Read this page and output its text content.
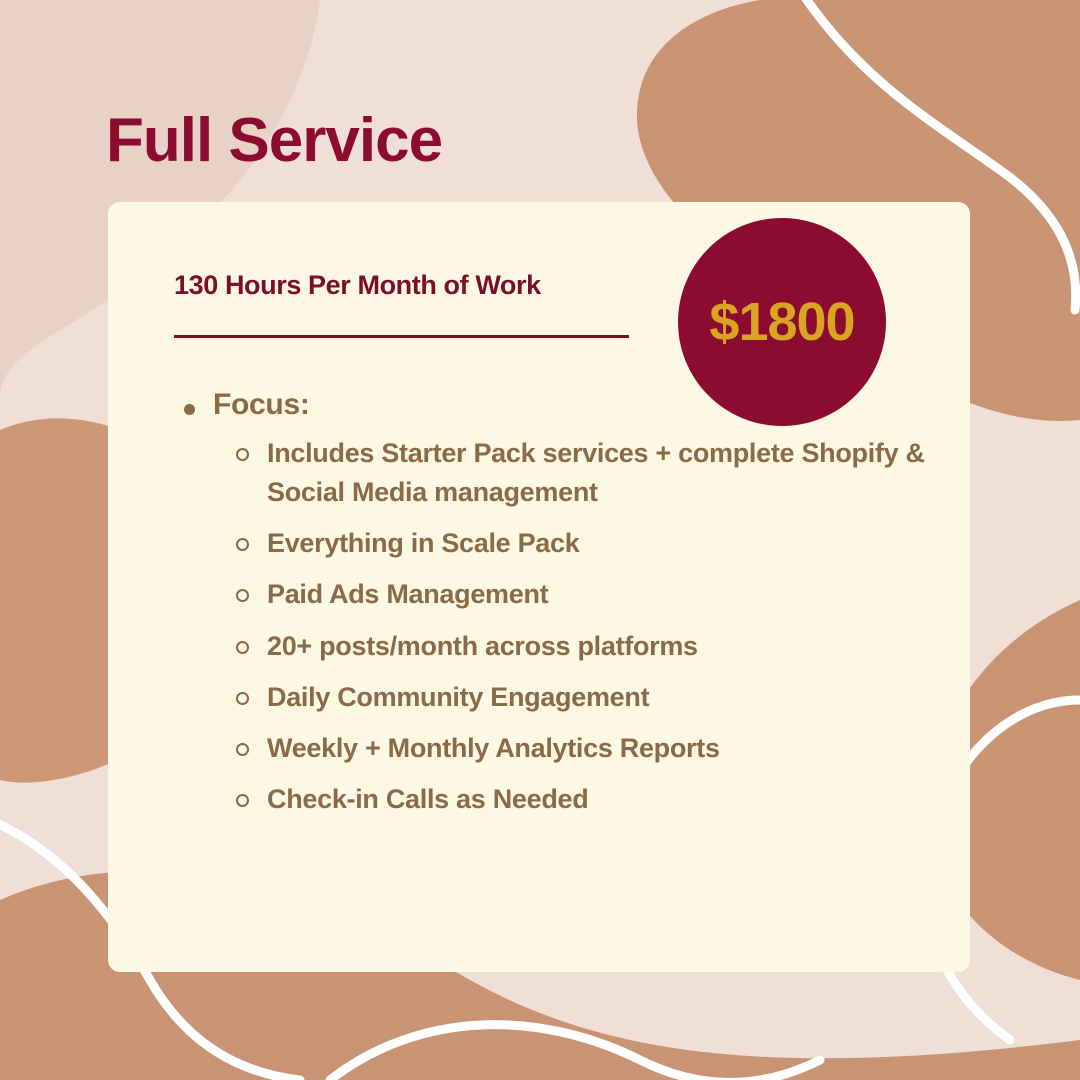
Full Service
130 Hours Per Month of Work
$1800
Focus:
Includes Starter Pack services + complete Shopify & Social Media management
Everything in Scale Pack
Paid Ads Management
20+ posts/month across platforms
Daily Community Engagement
Weekly + Monthly Analytics Reports
Check-in Calls as Needed
